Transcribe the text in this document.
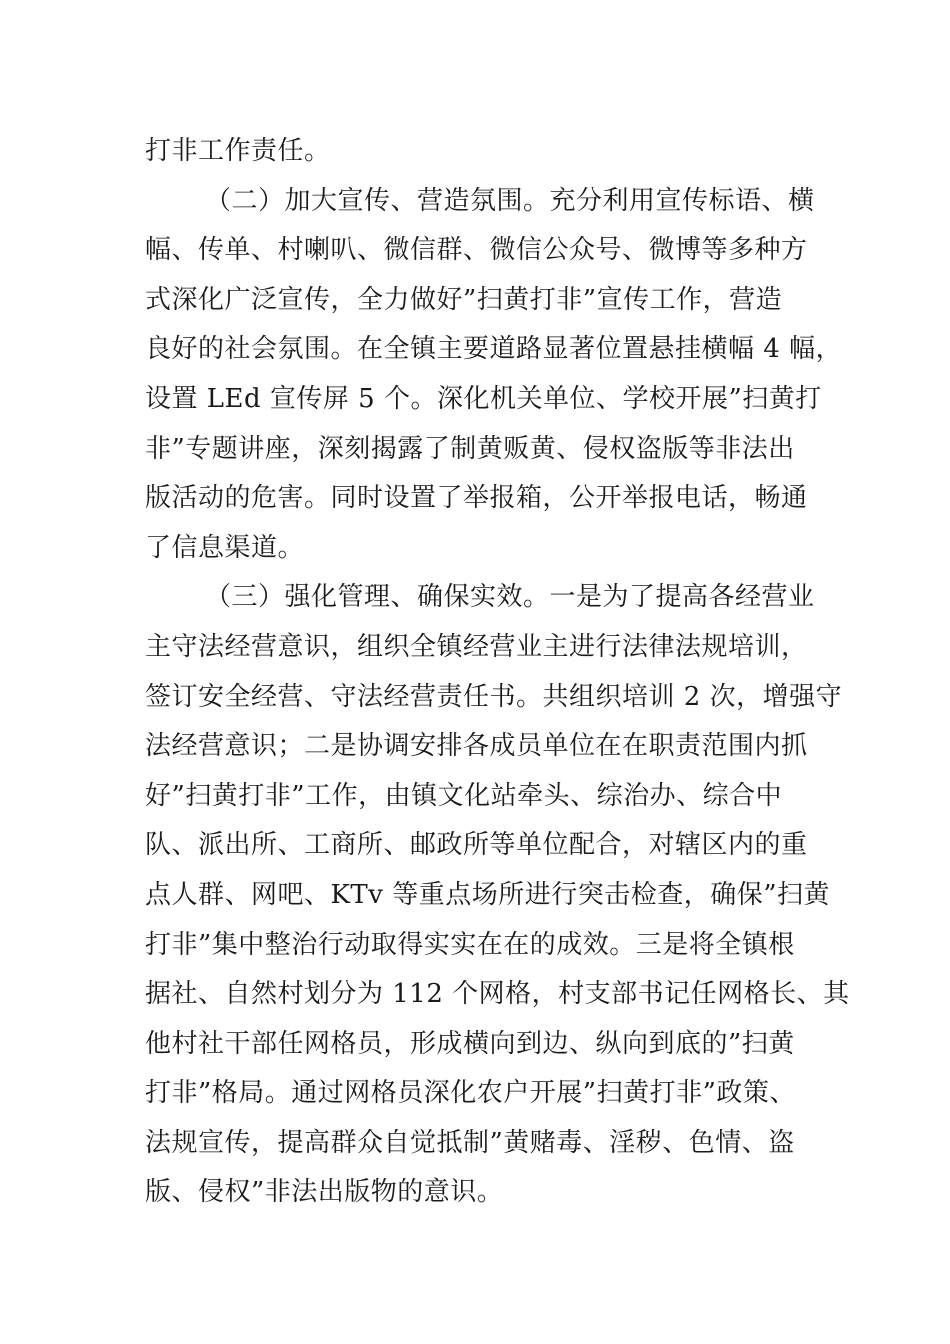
打非工作责任。
（二）加大宣传、营造氛围。充分利用宣传标语、横
幅、传单、村喇叭、微信群、微信公众号、微博等多种方
式深化广泛宣传，全力做好”扫黄打非”宣传工作，营造
良好的社会氛围。在全镇主要道路显著位置悬挂横幅 4 幅，
设置 LEd 宣传屏 5 个。深化机关单位、学校开展”扫黄打
非”专题讲座，深刻揭露了制黄贩黄、侵权盗版等非法出
版活动的危害。同时设置了举报箱，公开举报电话，畅通
了信息渠道。
（三）强化管理、确保实效。一是为了提高各经营业
主守法经营意识，组织全镇经营业主进行法律法规培训，
签订安全经营、守法经营责任书。共组织培训 2 次，增强守
法经营意识；二是协调安排各成员单位在在职责范围内抓
好”扫黄打非”工作，由镇文化站牵头、综治办、综合中
队、派出所、工商所、邮政所等单位配合，对辖区内的重
点人群、网吧、KTv 等重点场所进行突击检查，确保”扫黄
打非”集中整治行动取得实实在在的成效。三是将全镇根
据社、自然村划分为 112 个网格，村支部书记任网格长、其
他村社干部任网格员，形成横向到边、纵向到底的”扫黄
打非”格局。通过网格员深化农户开展”扫黄打非”政策、
法规宣传，提高群众自觉抵制”黄赌毒、淫秽、色情、盗
版、侵权”非法出版物的意识。
